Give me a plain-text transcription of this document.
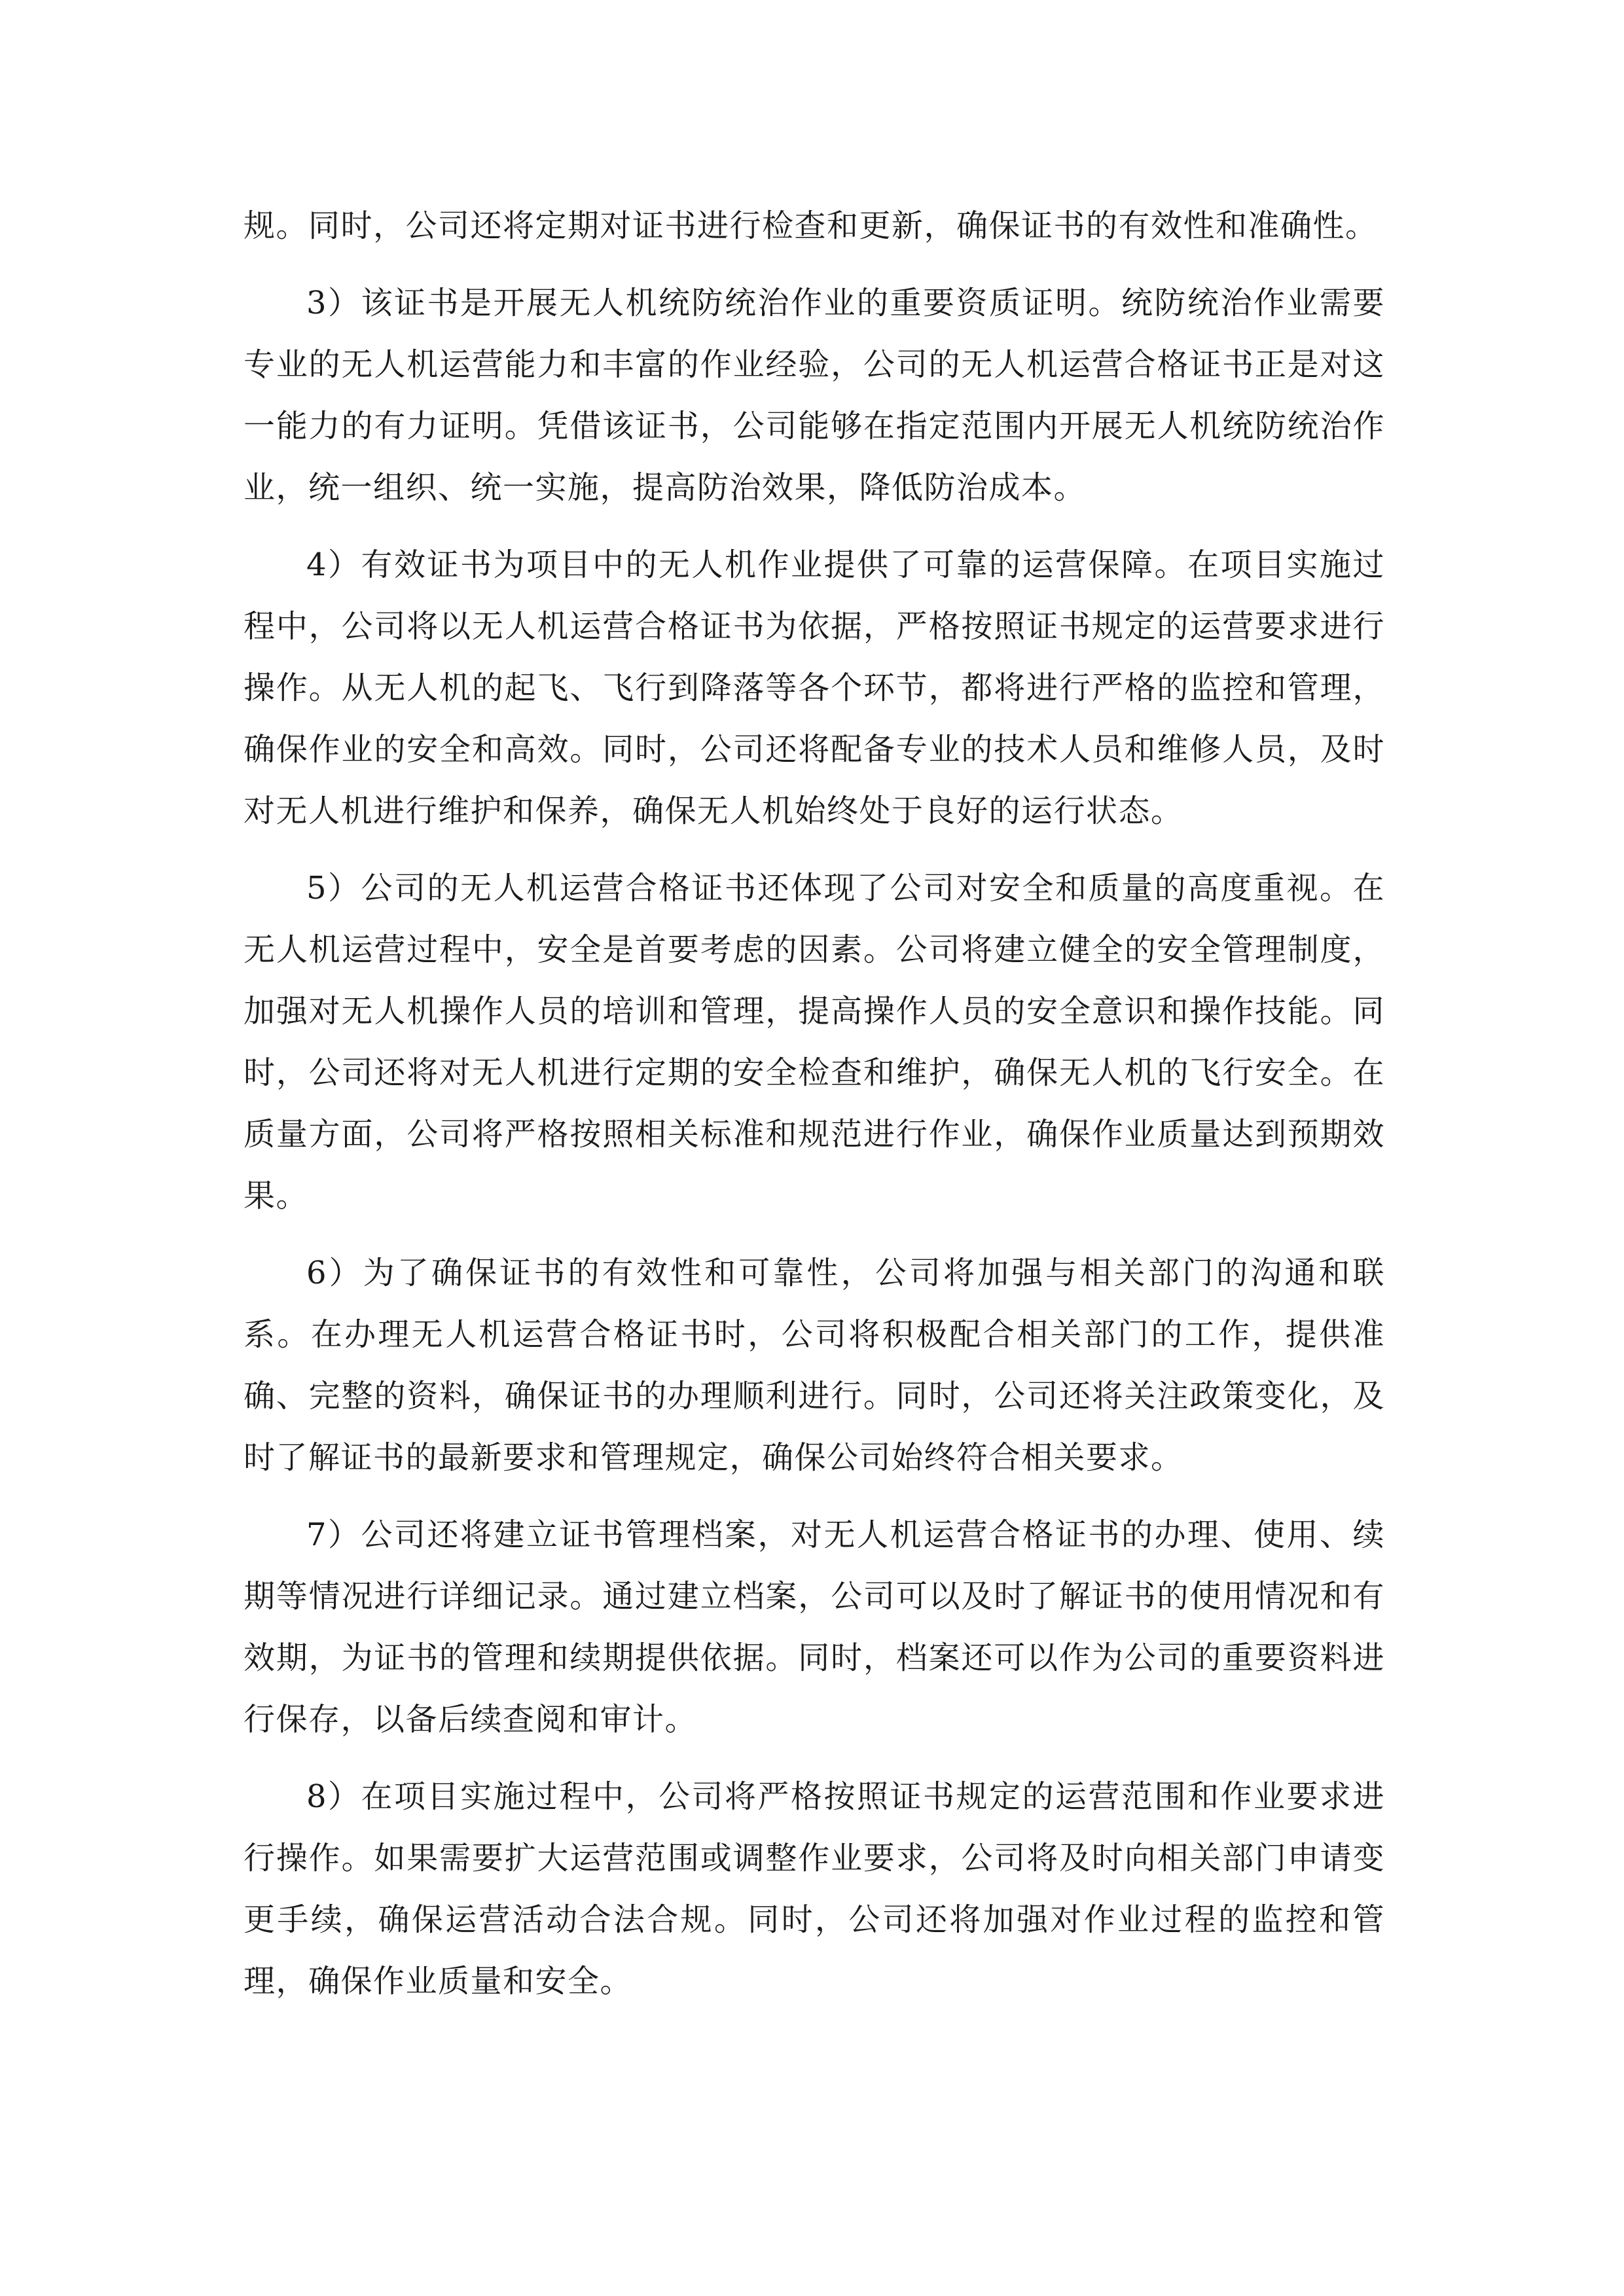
规。同时，公司还将定期对证书进行检查和更新，确保证书的有效性和准确性。

3）该证书是开展无人机统防统治作业的重要资质证明。统防统治作业需要专业的无人机运营能力和丰富的作业经验，公司的无人机运营合格证书正是对这一能力的有力证明。凭借该证书，公司能够在指定范围内开展无人机统防统治作业，统一组织、统一实施，提高防治效果，降低防治成本。

4）有效证书为项目中的无人机作业提供了可靠的运营保障。在项目实施过程中，公司将以无人机运营合格证书为依据，严格按照证书规定的运营要求进行操作。从无人机的起飞、飞行到降落等各个环节，都将进行严格的监控和管理，确保作业的安全和高效。同时，公司还将配备专业的技术人员和维修人员，及时对无人机进行维护和保养，确保无人机始终处于良好的运行状态。

5）公司的无人机运营合格证书还体现了公司对安全和质量的高度重视。在无人机运营过程中，安全是首要考虑的因素。公司将建立健全的安全管理制度，加强对无人机操作人员的培训和管理，提高操作人员的安全意识和操作技能。同时，公司还将对无人机进行定期的安全检查和维护，确保无人机的飞行安全。在质量方面，公司将严格按照相关标准和规范进行作业，确保作业质量达到预期效果。

6）为了确保证书的有效性和可靠性，公司将加强与相关部门的沟通和联系。在办理无人机运营合格证书时，公司将积极配合相关部门的工作，提供准确、完整的资料，确保证书的办理顺利进行。同时，公司还将关注政策变化，及时了解证书的最新要求和管理规定，确保公司始终符合相关要求。

7）公司还将建立证书管理档案，对无人机运营合格证书的办理、使用、续期等情况进行详细记录。通过建立档案，公司可以及时了解证书的使用情况和有效期，为证书的管理和续期提供依据。同时，档案还可以作为公司的重要资料进行保存，以备后续查阅和审计。

8）在项目实施过程中，公司将严格按照证书规定的运营范围和作业要求进行操作。如果需要扩大运营范围或调整作业要求，公司将及时向相关部门申请变更手续，确保运营活动合法合规。同时，公司还将加强对作业过程的监控和管理，确保作业质量和安全。
